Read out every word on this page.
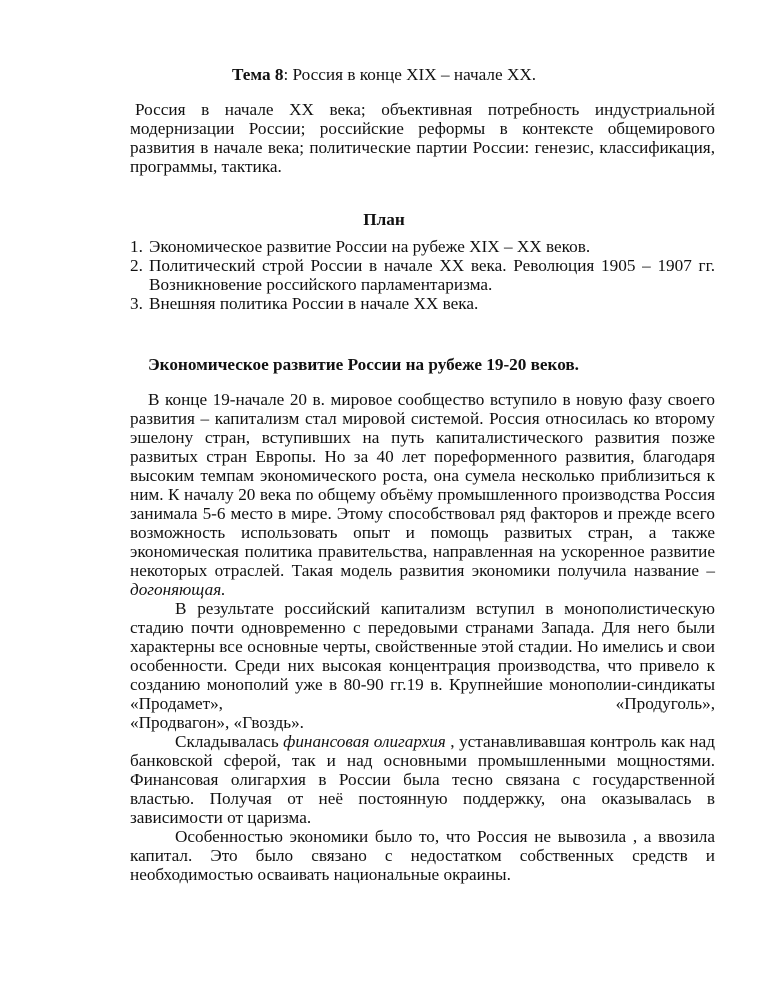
Тема 8: Россия в конце XIX – начале XX.

Россия в начале XX века; объективная потребность индустриальной модернизации России; российские реформы в контексте общемирового развития в начале века; политические партии России: генезис, классификация, программы, тактика.

План
1. Экономическое развитие России на рубеже XIX – XX веков.
2. Политический строй России в начале XX века. Революция 1905 – 1907 гг. Возникновение российского парламентаризма.
3. Внешняя политика России в начале XX века.
Экономическое развитие России на рубеже 19-20 веков.

В конце 19-начале 20 в. мировое сообщество вступило в новую фазу своего развития – капитализм стал мировой системой. Россия относилась ко второму эшелону стран, вступивших на путь капиталистического развития позже развитых стран Европы. Но за 40 лет пореформенного развития, благодаря высоким темпам экономического роста, она сумела несколько приблизиться к ним. К началу 20 века по общему объёму промышленного производства Россия занимала 5-6 место в мире. Этому способствовал ряд факторов и прежде всего возможность использовать опыт и помощь развитых стран, а также экономическая политика правительства, направленная на ускоренное развитие некоторых отраслей. Такая модель развития экономики получила название – догоняющая.

В результате российский капитализм вступил в монополистическую стадию почти одновременно с передовыми странами Запада. Для него были характерны все основные черты, свойственные этой стадии. Но имелись и свои особенности. Среди них высокая концентрация производства, что привело к созданию монополий уже в 80-90 гг.19 в. Крупнейшие монополии-синдикаты «Продамет», «Продуголь»,

«Продвагон», «Гвоздь».

Складывалась финансовая олигархия , устанавливавшая контроль как над банковской сферой, так и над основными промышленными мощностями. Финансовая олигархия в России была тесно связана с государственной властью. Получая от неё постоянную поддержку, она оказывалась в зависимости от царизма.

Особенностью экономики было то, что Россия не вывозила , а ввозила капитал. Это было связано с недостатком собственных средств и необходимостью осваивать национальные окраины.
